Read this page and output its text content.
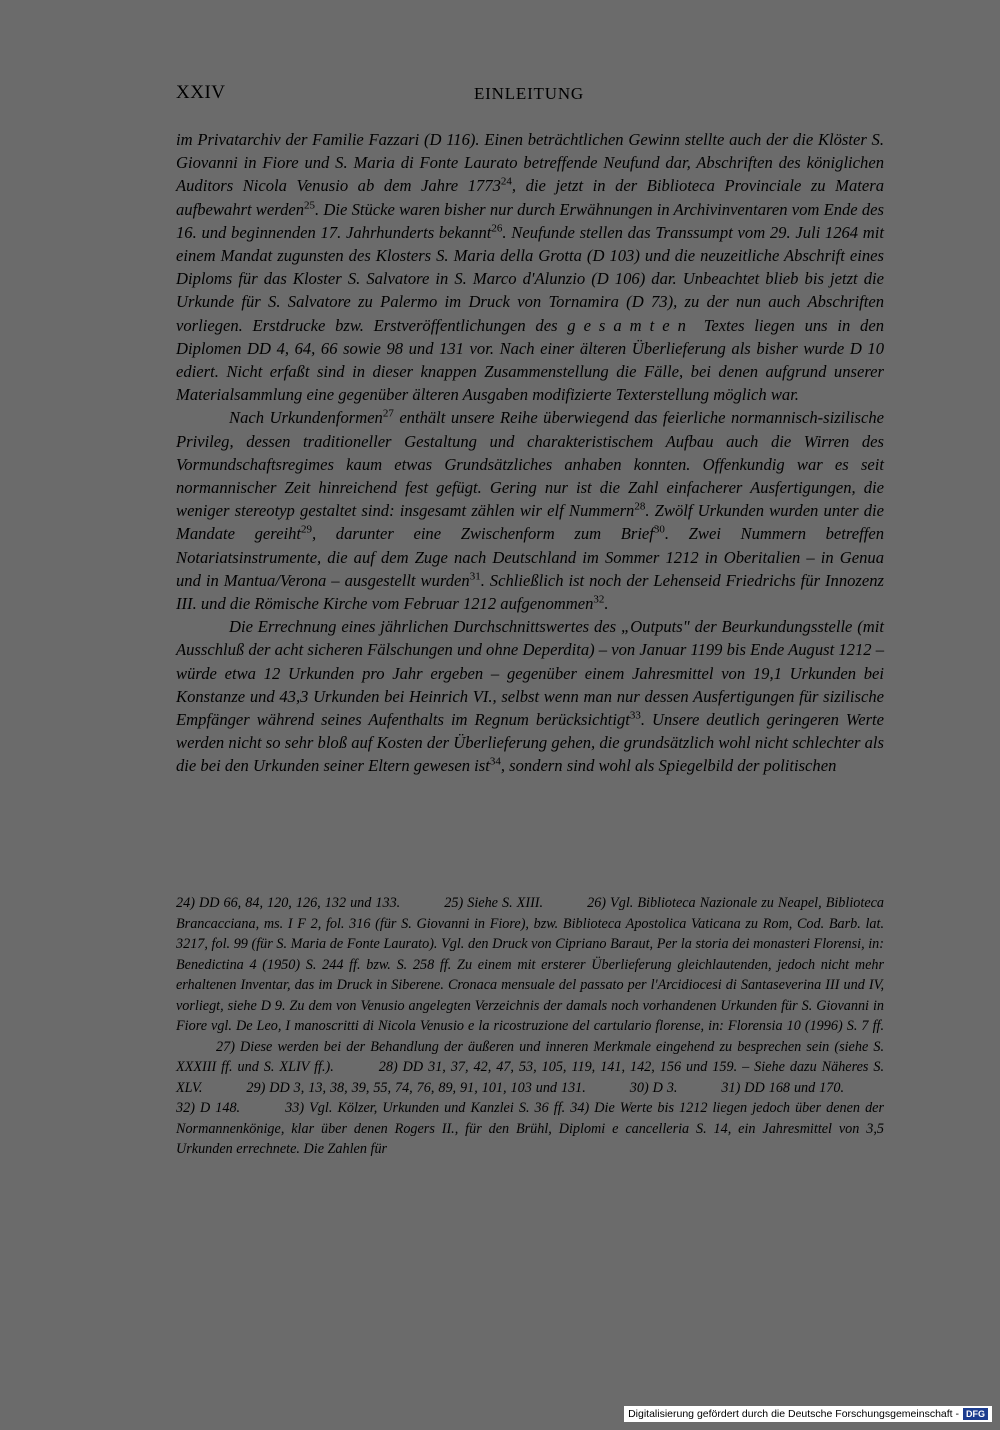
XXIV	EINLEITUNG

im Privatarchiv der Familie Fazzari (D 116). Einen beträchtlichen Gewinn stellte auch der die Klöster S. Giovanni in Fiore und S. Maria di Fonte Laurato betreffende Neufund dar, Abschriften des königlichen Auditors Nicola Venusio ab dem Jahre 1773$^{24}$, die jetzt in der Biblioteca Provinciale zu Matera aufbewahrt werden$^{25}$. Die Stücke waren bisher nur durch Erwähnungen in Archivinventaren vom Ende des 16. und beginnenden 17. Jahrhunderts bekannt$^{26}$. Neufunde stellen das Transsumpt vom 29. Juli 1264 mit einem Mandat zugunsten des Klosters S. Maria della Grotta (D 103) und die neuzeitliche Abschrift eines Diploms für das Kloster S. Salvatore in S. Marco d'Alunzio (D 106) dar. Unbeachtet blieb bis jetzt die Urkunde für S. Salvatore zu Palermo im Druck von Tornamira (D 73), zu der nun auch Abschriften vorliegen. Erstdrucke bzw. Erstveröffentlichungen des gesamten Textes liegen uns in den Diplomen DD 4, 64, 66 sowie 98 und 131 vor. Nach einer älteren Überlieferung als bisher wurde D 10 ediert. Nicht erfaßt sind in dieser knappen Zusammenstellung die Fälle, bei denen aufgrund unserer Materialsammlung eine gegenüber älteren Ausgaben modifizierte Texterstellung möglich war.

Nach Urkundenformen$^{27}$ enthält unsere Reihe überwiegend das feierliche normannisch-sizilische Privileg, dessen traditioneller Gestaltung und charakteristischem Aufbau auch die Wirren des Vormundschaftsregimes kaum etwas Grundsätzliches anhaben konnten. Offenkundig war es seit normannischer Zeit hinreichend fest gefügt. Gering nur ist die Zahl einfacherer Ausfertigungen, die weniger stereotyp gestaltet sind: insgesamt zählen wir elf Nummern$^{28}$. Zwölf Urkunden wurden unter die Mandate gereiht$^{29}$, darunter eine Zwischenform zum Brief$^{30}$. Zwei Nummern betreffen Notariatsinstrumente, die auf dem Zuge nach Deutschland im Sommer 1212 in Oberitalien – in Genua und in Mantua/Verona – ausgestellt wurden$^{31}$. Schließlich ist noch der Lehenseid Friedrichs für Innozenz III. und die Römische Kirche vom Februar 1212 aufgenommen$^{32}$.

Die Errechnung eines jährlichen Durchschnittswertes des „Outputs" der Beurkundungsstelle (mit Ausschluß der acht sicheren Fälschungen und ohne Deperdita) – von Januar 1199 bis Ende August 1212 – würde etwa 12 Urkunden pro Jahr ergeben – gegenüber einem Jahresmittel von 19,1 Urkunden bei Konstanze und 43,3 Urkunden bei Heinrich VI., selbst wenn man nur dessen Ausfertigungen für sizilische Empfänger während seines Aufenthalts im Regnum berücksichtigt$^{33}$. Unsere deutlich geringeren Werte werden nicht so sehr bloß auf Kosten der Überlieferung gehen, die grundsätzlich wohl nicht schlechter als die bei den Urkunden seiner Eltern gewesen ist$^{34}$, sondern sind wohl als Spiegelbild der politischen

24) DD 66, 84, 120, 126, 132 und 133.	25) Siehe S. XIII.	26) Vgl. Biblioteca Nazionale zu Neapel, Biblioteca Brancacciana, ms. I F 2, fol. 316 (für S. Giovanni in Fiore), bzw. Biblioteca Apostolica Vaticana zu Rom, Cod. Barb. lat. 3217, fol. 99 (für S. Maria de Fonte Laurato). Vgl. den Druck von Cipriano Baraut, Per la storia dei monasteri Florensi, in: Benedictina 4 (1950) S. 244 ff. bzw. S. 258 ff. Zu einem mit ersterer Überlieferung gleichlautenden, jedoch nicht mehr erhaltenen Inventar, das im Druck in Siberene. Cronaca mensuale del passato per l'Arcidiocesi di Santaseverina III und IV, vorliegt, siehe D 9. Zu dem von Venusio angelegten Verzeichnis der damals noch vorhandenen Urkunden für S. Giovanni in Fiore vgl. De Leo, I manoscritti di Nicola Venusio e la ricostruzione del cartulario florense, in: Florensia 10 (1996) S. 7 ff. 27) Diese werden bei der Behandlung der äußeren und inneren Merkmale eingehend zu besprechen sein (siehe S. XXXIII ff. und S. XLIV ff.).	28) DD 31, 37, 42, 47, 53, 105, 119, 141, 142, 156 und 159. – Siehe dazu Näheres S. XLV.	29) DD 3, 13, 38, 39, 55, 74, 76, 89, 91, 101, 103 und 131.	30) D 3.	31) DD 168 und 170. 32) D 148.	33) Vgl. Kölzer, Urkunden und Kanzlei S. 36 ff. 34) Die Werte bis 1212 liegen jedoch über denen der Normannenkönige, klar über denen Rogers II., für den Brühl, Diplomi e cancelleria S. 14, ein Jahresmittel von 3,5 Urkunden errechnete. Die Zahlen für
Digitalisierung gefördert durch die Deutsche Forschungsgemeinschaft - DFG
